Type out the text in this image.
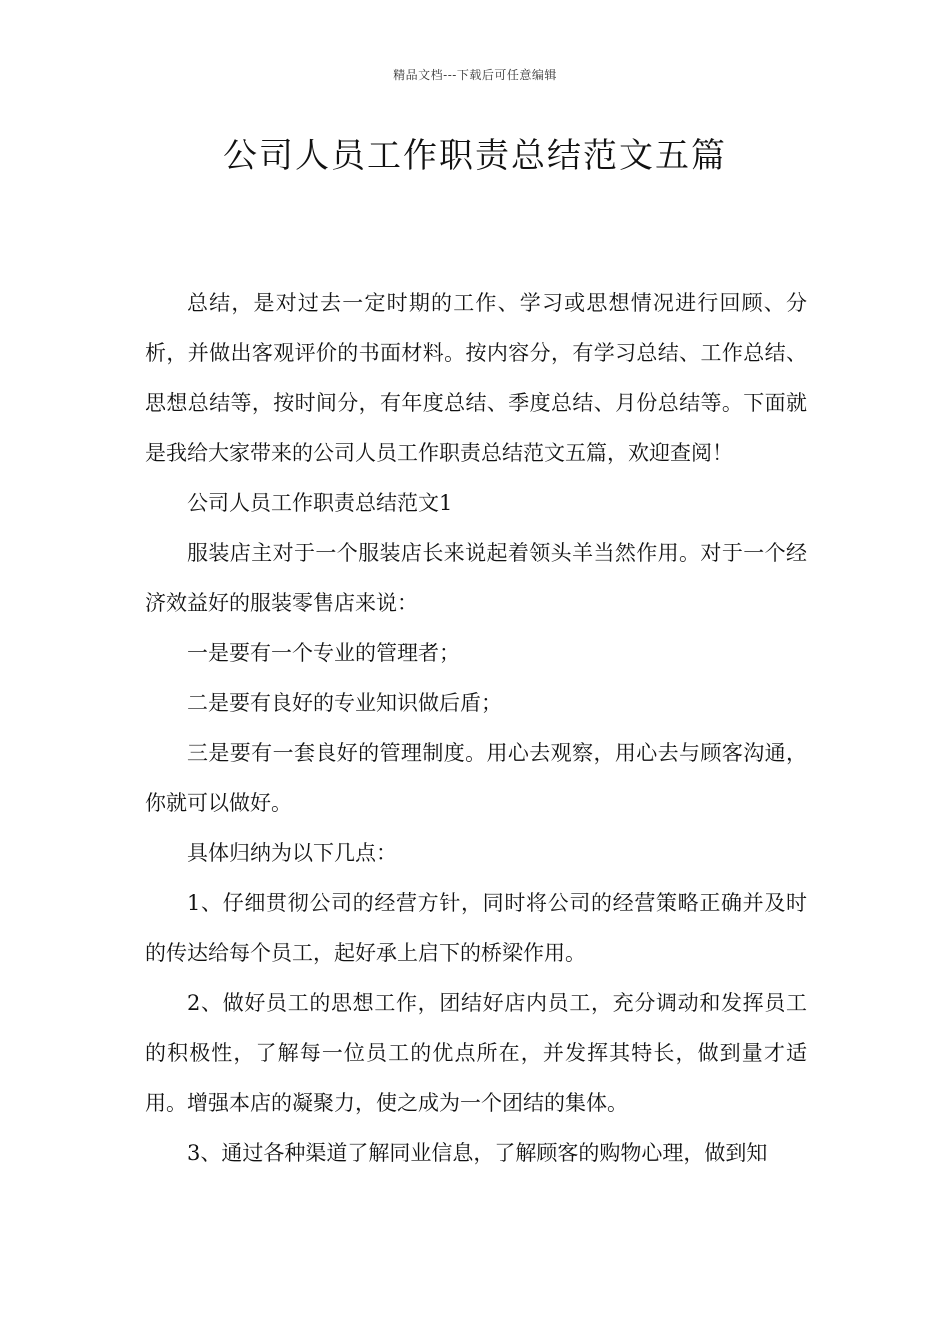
精品文档---下载后可任意编辑
公司人员工作职责总结范文五篇

总结，是对过去一定时期的工作、学习或思想情况进行回顾、分析，并做出客观评价的书面材料。按内容分，有学习总结、工作总结、思想总结等，按时间分，有年度总结、季度总结、月份总结等。下面就是我给大家带来的公司人员工作职责总结范文五篇，欢迎查阅！

公司人员工作职责总结范文1

服装店主对于一个服装店长来说起着领头羊当然作用。对于一个经济效益好的服装零售店来说：

一是要有一个专业的管理者；

二是要有良好的专业知识做后盾；

三是要有一套良好的管理制度。用心去观察，用心去与顾客沟通，你就可以做好。

具体归纳为以下几点：

1、仔细贯彻公司的经营方针，同时将公司的经营策略正确并及时的传达给每个员工，起好承上启下的桥梁作用。

2、做好员工的思想工作，团结好店内员工，充分调动和发挥员工的积极性，了解每一位员工的优点所在，并发挥其特长，做到量才适用。增强本店的凝聚力，使之成为一个团结的集体。

3、通过各种渠道了解同业信息，了解顾客的购物心理，做到知
